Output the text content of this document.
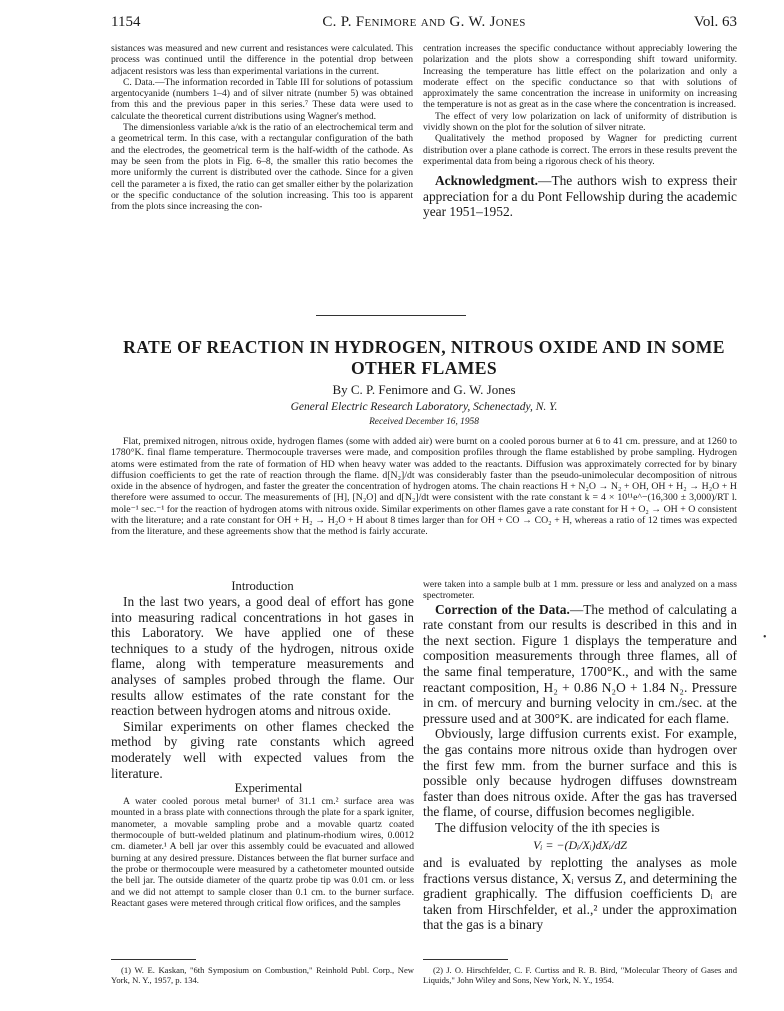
1154	C. P. Fenimore and G. W. Jones	Vol. 63

sistances was measured and new current and resistances were calculated. This process was continued until the difference in the potential drop between adjacent resistors was less than experimental variations in the current.

C. Data.—The information recorded in Table III for solutions of potassium argentocyanide (numbers 1–4) and of silver nitrate (number 5) was obtained from this and the previous paper in this series.⁷ These data were used to calculate the theoretical current distributions using Wagner's method.

The dimensionless variable a/κk is the ratio of an electrochemical term and a geometrical term. In this case, with a rectangular configuration of the bath and the electrodes, the geometrical term is the half-width of the cathode. As may be seen from the plots in Fig. 6–8, the smaller this ratio becomes the more uniformly the current is distributed over the cathode. Since for a given cell the parameter a is fixed, the ratio can get smaller either by the polarization or the specific conductance of the solution increasing. This too is apparent from the plots since increasing the con-

centration increases the specific conductance without appreciably lowering the polarization and the plots show a corresponding shift toward uniformity. Increasing the temperature has little effect on the polarization and only a moderate effect on the specific conductance so that with solutions of approximately the same concentration the increase in uniformity on increasing the temperature is not as great as in the case where the concentration is increased.

The effect of very low polarization on lack of uniformity of distribution is vividly shown on the plot for the solution of silver nitrate.

Qualitatively the method proposed by Wagner for predicting current distribution over a plane cathode is correct. The errors in these results prevent the experimental data from being a rigorous check of his theory.

Acknowledgment.—The authors wish to express their appreciation for a du Pont Fellowship during the academic year 1951–1952.

RATE OF REACTION IN HYDROGEN, NITROUS OXIDE AND IN SOME OTHER FLAMES
By C. P. Fenimore and G. W. Jones
General Electric Research Laboratory, Schenectady, N. Y.
Received December 16, 1958

Flat, premixed nitrogen, nitrous oxide, hydrogen flames (some with added air) were burnt on a cooled porous burner at 6 to 41 cm. pressure, and at 1260 to 1780°K. final flame temperature. Thermocouple traverses were made, and composition profiles through the flame established by probe sampling. Hydrogen atoms were estimated from the rate of formation of HD when heavy water was added to the reactants. Diffusion was approximately corrected for by binary diffusion coefficients to get the rate of reaction through the flame. d[N₂]/dt was considerably faster than the pseudo-unimolecular decomposition of nitrous oxide in the absence of hydrogen, and faster the greater the concentration of hydrogen atoms. The chain reactions H + N₂O → N₂ + OH, OH + H₂ → H₂O + H therefore were assumed to occur. The measurements of [H], [N₂O] and d[N₂]/dt were consistent with the rate constant k = 4 × 10¹¹e^−(16,300 ± 3,000)/RT l. mole⁻¹ sec.⁻¹ for the reaction of hydrogen atoms with nitrous oxide. Similar experiments on other flames gave a rate constant for H + O₂ → OH + O consistent with the literature; and a rate constant for OH + H₂ → H₂O + H about 8 times larger than for OH + CO → CO₂ + H, whereas a ratio of 12 times was expected from the literature, and these agreements show that the method is fairly accurate.

Introduction

In the last two years, a good deal of effort has gone into measuring radical concentrations in hot gases in this Laboratory. We have applied one of these techniques to a study of the hydrogen, nitrous oxide flame, along with temperature measurements and analyses of samples probed through the flame. Our results allow estimates of the rate constant for the reaction between hydrogen atoms and nitrous oxide.

Similar experiments on other flames checked the method by giving rate constants which agreed moderately well with expected values from the literature.

Experimental

A water cooled porous metal burner¹ of 31.1 cm.² surface area was mounted in a brass plate with connections through the plate for a spark igniter, manometer, a movable sampling probe and a movable quartz coated thermocouple of butt-welded platinum and platinum-rhodium wires, 0.0012 cm. diameter.¹ A bell jar over this assembly could be evacuated and allowed burning at any desired pressure. Distances between the flat burner surface and the probe or thermocouple were measured by a cathetometer mounted outside the bell jar. The outside diameter of the quartz probe tip was 0.01 cm. or less and we did not attempt to sample closer than 0.1 cm. to the burner surface. Reactant gases were metered through critical flow orifices, and the samples

(1) W. E. Kaskan, "6th Symposium on Combustion," Reinhold Publ. Corp., New York, N. Y., 1957, p. 134.

were taken into a sample bulb at 1 mm. pressure or less and analyzed on a mass spectrometer.

Correction of the Data.—The method of calculating a rate constant from our results is described in this and in the next section. Figure 1 displays the temperature and composition measurements through three flames, all of the same final temperature, 1700°K., and with the same reactant composition, H₂ + 0.86 N₂O + 1.84 N₂. Pressure in cm. of mercury and burning velocity in cm./sec. at the pressure used and at 300°K. are indicated for each flame.

Obviously, large diffusion currents exist. For example, the gas contains more nitrous oxide than hydrogen over the first few mm. from the burner surface and this is possible only because hydrogen diffuses downstream faster than does nitrous oxide. After the gas has traversed the flame, of course, diffusion becomes negligible.

The diffusion velocity of the ith species is

Vᵢ = −(Dᵢ/Xᵢ)dXᵢ/dZ

and is evaluated by replotting the analyses as mole fractions versus distance, Xᵢ versus Z, and determining the gradient graphically. The diffusion coefficients Dᵢ are taken from Hirschfelder, et al.,² under the approximation that the gas is a binary

(2) J. O. Hirschfelder, C. F. Curtiss and R. B. Bird, "Molecular Theory of Gases and Liquids," John Wiley and Sons, New York, N. Y., 1954.

•
